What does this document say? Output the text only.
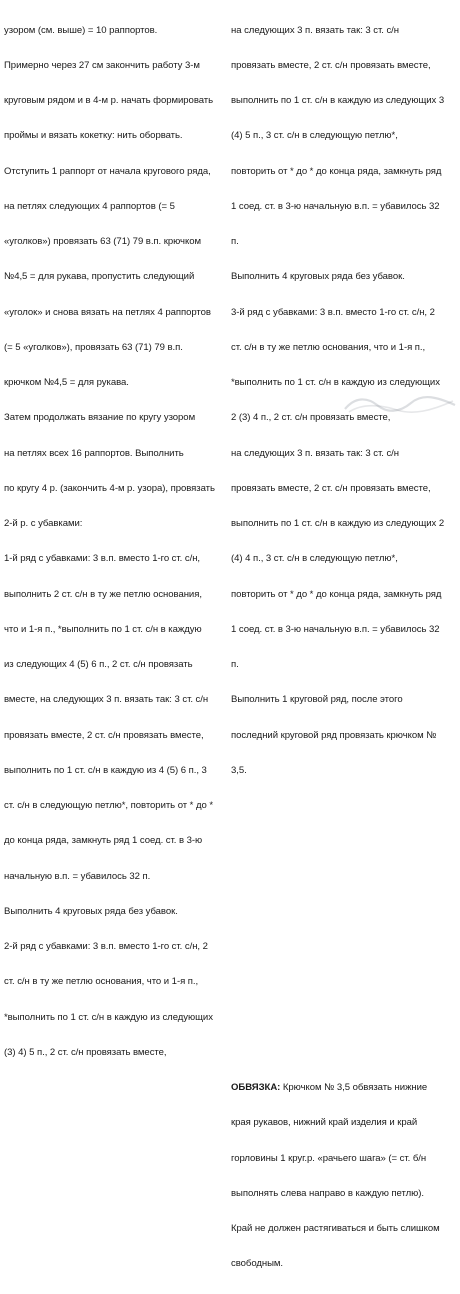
узором (см. выше) = 10 раппортов.

Примерно через 27 см закончить работу 3-м

круговым рядом и в 4-м р. начать формировать

проймы и вязать кокетку: нить оборвать.

Отступить 1 раппорт от начала кругового ряда,

на петлях следующих 4 раппортов (= 5

«уголков») провязать 63 (71) 79 в.п. крючком

№4,5 = для рукава, пропустить следующий

«уголок» и снова вязать на петлях 4 раппортов

(= 5 «уголков»), провязать 63 (71) 79 в.п.

крючком №4,5 = для рукава.

Затем продолжать вязание по кругу узором

на петлях всех 16 раппортов. Выполнить

по кругу 4 р. (закончить 4-м р. узора), провязать

2-й р. с убавками:

1-й ряд с убавками: 3 в.п. вместо 1-го ст. с/н,

выполнить 2 ст. с/н в ту же петлю основания,

что и 1-я п., *выполнить по 1 ст. с/н в каждую

из следующих 4 (5) 6 п., 2 ст. с/н провязать

вместе, на следующих 3 п. вязать так: 3 ст. с/н

провязать вместе, 2 ст. с/н провязать вместе,

выполнить по 1 ст. с/н в каждую из 4 (5) 6 п., 3

ст. с/н в следующую петлю*, повторить от * до *

до конца ряда, замкнуть ряд 1 соед. ст. в 3-ю

начальную в.п. = убавилось 32 п.

Выполнить 4 круговых ряда без убавок.

2-й ряд с убавками: 3 в.п. вместо 1-го ст. с/н, 2

ст. с/н в ту же петлю основания, что и 1-я п.,

*выполнить по 1 ст. с/н в каждую из следующих

(3) 4) 5 п., 2 ст. с/н провязать вместе,

на следующих 3 п. вязать так: 3 ст. с/н

провязать вместе, 2 ст. с/н провязать вместе,

выполнить по 1 ст. с/н в каждую из следующих 3

(4) 5 п., 3 ст. с/н в следующую петлю*,

повторить от * до * до конца ряда, замкнуть ряд

1 соед. ст. в 3-ю начальную в.п. = убавилось 32

п.

Выполнить 4 круговых ряда без убавок.

3-й ряд с убавками: 3 в.п. вместо 1-го ст. с/н, 2

ст. с/н в ту же петлю основания, что и 1-я п.,

*выполнить по 1 ст. с/н в каждую из следующих

2 (3) 4 п., 2 ст. с/н провязать вместе,

на следующих 3 п. вязать так: 3 ст. с/н

провязать вместе, 2 ст. с/н провязать вместе,

выполнить по 1 ст. с/н в каждую из следующих 2

(4) 4 п., 3 ст. с/н в следующую петлю*,

повторить от * до * до конца ряда, замкнуть ряд

1 соед. ст. в 3-ю начальную в.п. = убавилось 32

п.

Выполнить 1 круговой ряд, после этого

последний круговой ряд провязать крючком №

3,5.

ОБВЯЗКА: Крючком № 3,5 обвязать нижние

края рукавов, нижний край изделия и край

горловины 1 круг.р. «рачьего шага» (= ст. б/н

выполнять слева направо в каждую петлю).

Край не должен растягиваться и быть слишком

свободным.
